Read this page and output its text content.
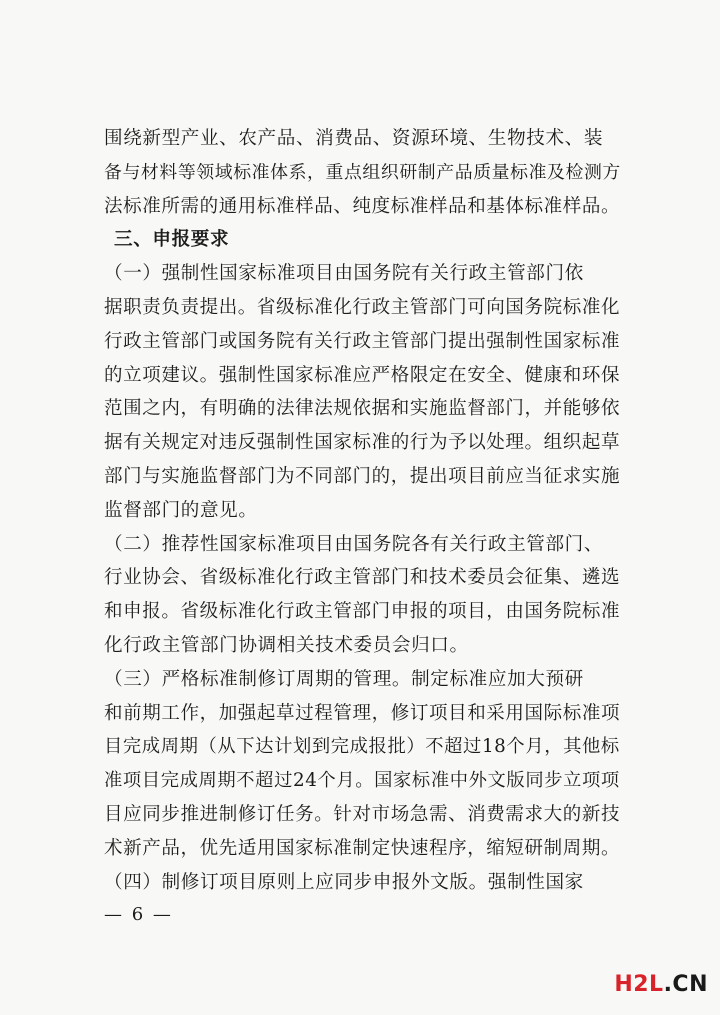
围绕新型产业、农产品、消费品、资源环境、生物技术、装
备与材料等领域标准体系，重点组织研制产品质量标准及检测方
法标准所需的通用标准样品、纯度标准样品和基体标准样品。
三、申报要求
（一）强制性国家标准项目由国务院有关行政主管部门依
据职责负责提出。省级标准化行政主管部门可向国务院标准化
行政主管部门或国务院有关行政主管部门提出强制性国家标准
的立项建议。强制性国家标准应严格限定在安全、健康和环保
范围之内，有明确的法律法规依据和实施监督部门，并能够依
据有关规定对违反强制性国家标准的行为予以处理。组织起草
部门与实施监督部门为不同部门的，提出项目前应当征求实施
监督部门的意见。
（二）推荐性国家标准项目由国务院各有关行政主管部门、
行业协会、省级标准化行政主管部门和技术委员会征集、遴选
和申报。省级标准化行政主管部门申报的项目，由国务院标准
化行政主管部门协调相关技术委员会归口。
（三）严格标准制修订周期的管理。制定标准应加大预研
和前期工作，加强起草过程管理，修订项目和采用国际标准项
目完成周期（从下达计划到完成报批）不超过18个月，其他标
准项目完成周期不超过24个月。国家标准中外文版同步立项项
目应同步推进制修订任务。针对市场急需、消费需求大的新技
术新产品，优先适用国家标准制定快速程序，缩短研制周期。
（四）制修订项目原则上应同步申报外文版。强制性国家
— 6 —
H2L.CN
